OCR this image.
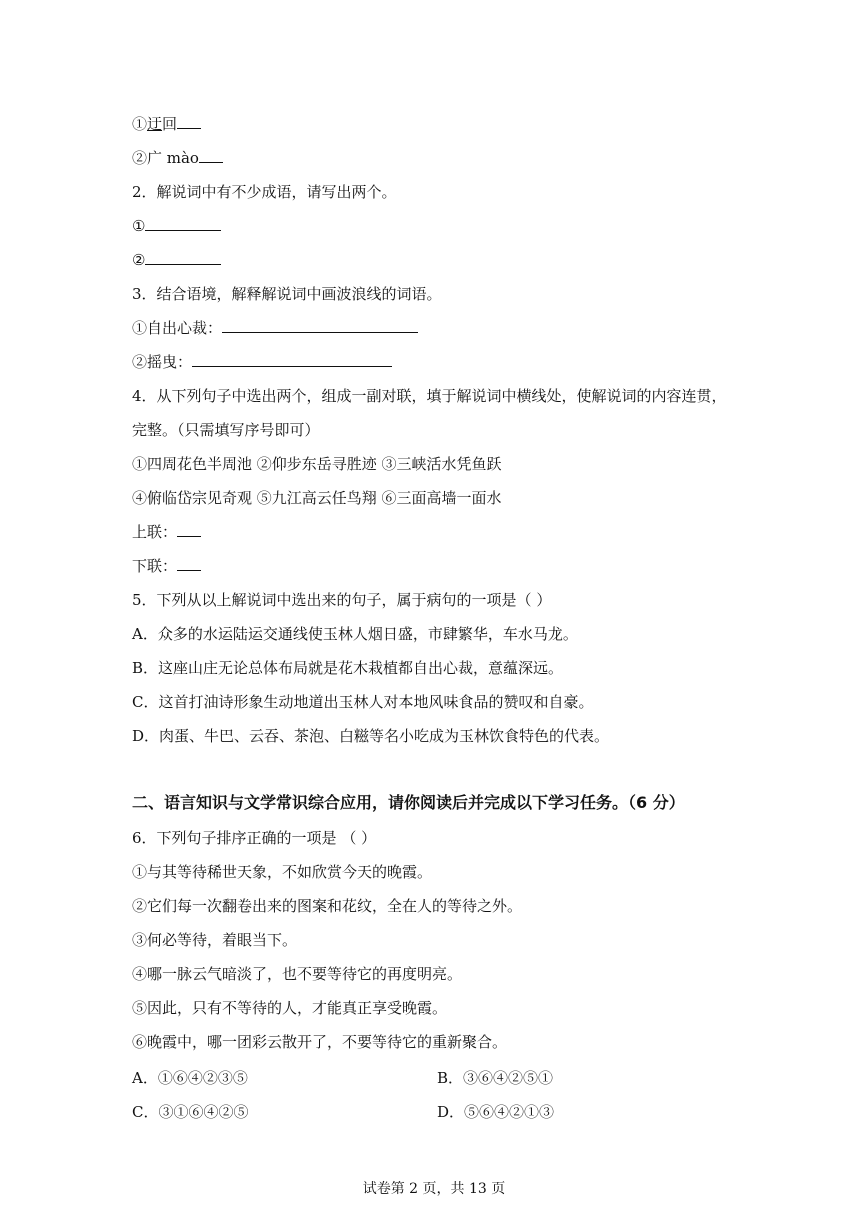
①迂回
②广 mào
2．解说词中有不少成语，请写出两个。
①
②
3．结合语境，解释解说词中画波浪线的词语。
①自出心裁：
②摇曳：
4．从下列句子中选出两个，组成一副对联，填于解说词中横线处，使解说词的内容连贯，
完整。（只需填写序号即可）
①四周花色半周池 ②仰步东岳寻胜迹 ③三峡活水凭鱼跃
④俯临岱宗见奇观 ⑤九江高云任鸟翔 ⑥三面高墙一面水
上联：
下联：
5．下列从以上解说词中选出来的句子，属于病句的一项是（ ）
A．众多的水运陆运交通线使玉林人烟日盛，市肆繁华，车水马龙。
B．这座山庄无论总体布局就是花木栽植都自出心裁，意蕴深远。
C．这首打油诗形象生动地道出玉林人对本地风味食品的赞叹和自豪。
D．肉蛋、牛巴、云吞、茶泡、白糍等名小吃成为玉林饮食特色的代表。
二、语言知识与文学常识综合应用，请你阅读后并完成以下学习任务。（6 分）
6．下列句子排序正确的一项是 （ ）
①与其等待稀世天象，不如欣赏今天的晚霞。
②它们每一次翻卷出来的图案和花纹，全在人的等待之外。
③何必等待，着眼当下。
④哪一脉云气暗淡了，也不要等待它的再度明亮。
⑤因此，只有不等待的人，才能真正享受晚霞。
⑥晚霞中，哪一团彩云散开了，不要等待它的重新聚合。
A．①⑥④②③⑤	B．③⑥④②⑤①
C．③①⑥④②⑤	D．⑤⑥④②①③
试卷第 2 页，共 13 页
